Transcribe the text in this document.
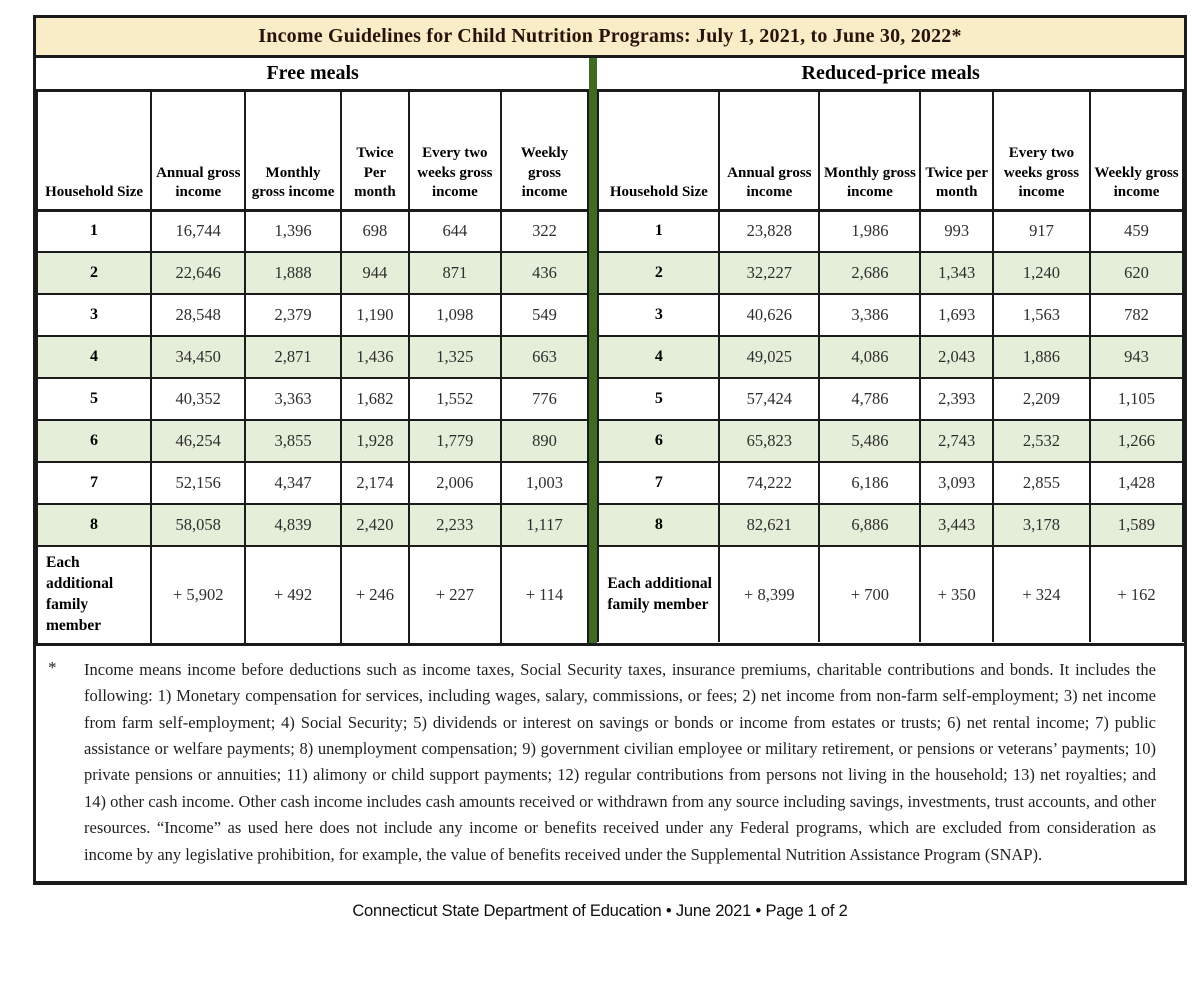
Income Guidelines for Child Nutrition Programs: July 1, 2021, to June 30, 2022*
Free meals
Household Size	Annual gross income	Monthly gross income	Twice Per month	Every two weeks gross income	Weekly gross income
1	16,744	1,396	698	644	322
2	22,646	1,888	944	871	436
3	28,548	2,379	1,190	1,098	549
4	34,450	2,871	1,436	1,325	663
5	40,352	3,363	1,682	1,552	776
6	46,254	3,855	1,928	1,779	890
7	52,156	4,347	2,174	2,006	1,003
8	58,058	4,839	2,420	2,233	1,117
Each additional family member	+ 5,902	+ 492	+ 246	+ 227	+ 114
Reduced-price meals
Household Size	Annual gross income	Monthly gross income	Twice per month	Every two weeks gross income	Weekly gross income
1	23,828	1,986	993	917	459
2	32,227	2,686	1,343	1,240	620
3	40,626	3,386	1,693	1,563	782
4	49,025	4,086	2,043	1,886	943
5	57,424	4,786	2,393	2,209	1,105
6	65,823	5,486	2,743	2,532	1,266
7	74,222	6,186	3,093	2,855	1,428
8	82,621	6,886	3,443	3,178	1,589
Each additional family member	+ 8,399	+ 700	+ 350	+ 324	+ 162
*	Income means income before deductions such as income taxes, Social Security taxes, insurance premiums, charitable contributions and bonds. It includes the following: 1) Monetary compensation for services, including wages, salary, commissions, or fees; 2) net income from non-farm self-employment; 3) net income from farm self-employment; 4) Social Security; 5) dividends or interest on savings or bonds or income from estates or trusts; 6) net rental income; 7) public assistance or welfare payments; 8) unemployment compensation; 9) government civilian employee or military retirement, or pensions or veterans’ payments; 10) private pensions or annuities; 11) alimony or child support payments; 12) regular contributions from persons not living in the household; 13) net royalties; and 14) other cash income. Other cash income includes cash amounts received or withdrawn from any source including savings, investments, trust accounts, and other resources. “Income” as used here does not include any income or benefits received under any Federal programs, which are excluded from consideration as income by any legislative prohibition, for example, the value of benefits received under the Supplemental Nutrition Assistance Program (SNAP).

Connecticut State Department of Education • June 2021 • Page 1 of 2
